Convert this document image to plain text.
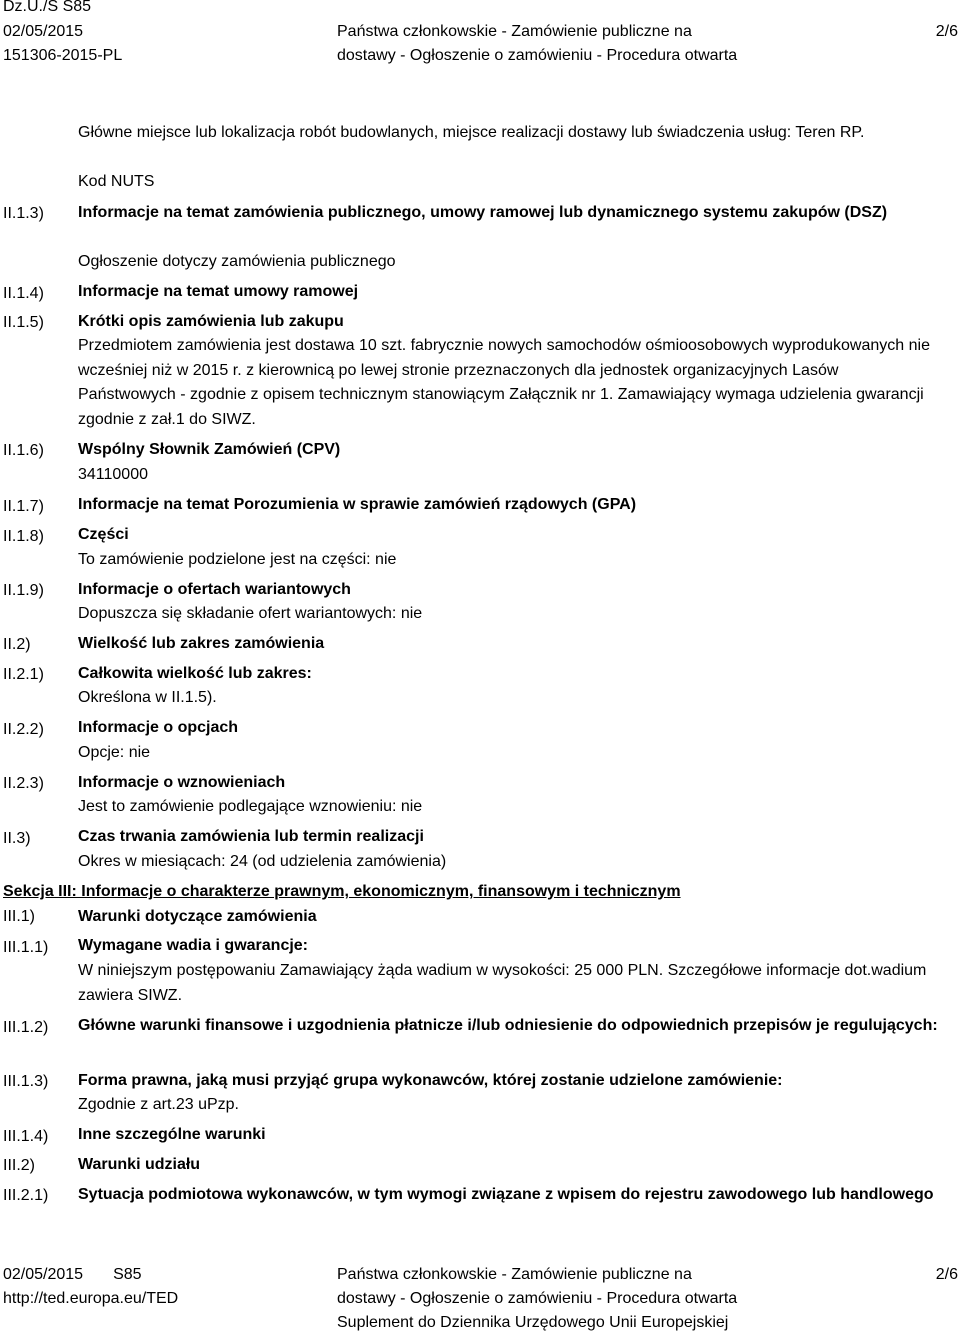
Dz.U./S S85
02/05/2015
151306-2015-PL
Państwa członkowskie - Zamówienie publiczne na
dostawy - Ogłoszenie o zamówieniu - Procedura otwarta
2/6
Główne miejsce lub lokalizacja robót budowlanych, miejsce realizacji dostawy lub świadczenia usług: Teren RP.
Kod NUTS
II.1.3) Informacje na temat zamówienia publicznego, umowy ramowej lub dynamicznego systemu zakupów (DSZ)
Ogłoszenie dotyczy zamówienia publicznego
II.1.4) Informacje na temat umowy ramowej
II.1.5) Krótki opis zamówienia lub zakupu
Przedmiotem zamówienia jest dostawa 10 szt. fabrycznie nowych samochodów ośmioosobowych wyprodukowanych nie wcześniej niż w 2015 r. z kierownicą po lewej stronie przeznaczonych dla jednostek organizacyjnych Lasów Państwowych - zgodnie z opisem technicznym stanowiącym Załącznik nr 1. Zamawiający wymaga udzielenia gwarancji zgodnie z zał.1 do SIWZ.
II.1.6) Wspólny Słownik Zamówień (CPV)
34110000
II.1.7) Informacje na temat Porozumienia w sprawie zamówień rządowych (GPA)
II.1.8) Części
To zamówienie podzielone jest na części: nie
II.1.9) Informacje o ofertach wariantowych
Dopuszcza się składanie ofert wariantowych: nie
II.2)	Wielkość lub zakres zamówienia
II.2.1) Całkowita wielkość lub zakres:
Określona w II.1.5).
II.2.2) Informacje o opcjach
Opcje: nie
II.2.3) Informacje o wznowieniach
Jest to zamówienie podlegające wznowieniu: nie
II.3)	Czas trwania zamówienia lub termin realizacji
Okres w miesiącach: 24 (od udzielenia zamówienia)
Sekcja III: Informacje o charakterze prawnym, ekonomicznym, finansowym i technicznym
III.1)	Warunki dotyczące zamówienia
III.1.1) Wymagane wadia i gwarancje:
W niniejszym postępowaniu Zamawiający żąda wadium w wysokości: 25 000 PLN. Szczegółowe informacje dot.wadium zawiera SIWZ.
III.1.2) Główne warunki finansowe i uzgodnienia płatnicze i/lub odniesienie do odpowiednich przepisów je regulujących:
III.1.3) Forma prawna, jaką musi przyjąć grupa wykonawców, której zostanie udzielone zamówienie:
Zgodnie z art.23 uPzp.
III.1.4) Inne szczególne warunki
III.2)	Warunki udziału
III.2.1) Sytuacja podmiotowa wykonawców, w tym wymogi związane z wpisem do rejestru zawodowego lub handlowego
02/05/2015 S85
http://ted.europa.eu/TED
Państwa członkowskie - Zamówienie publiczne na
dostawy - Ogłoszenie o zamówieniu - Procedura otwarta
Suplement do Dziennika Urzędowego Unii Europejskiej
2/6
